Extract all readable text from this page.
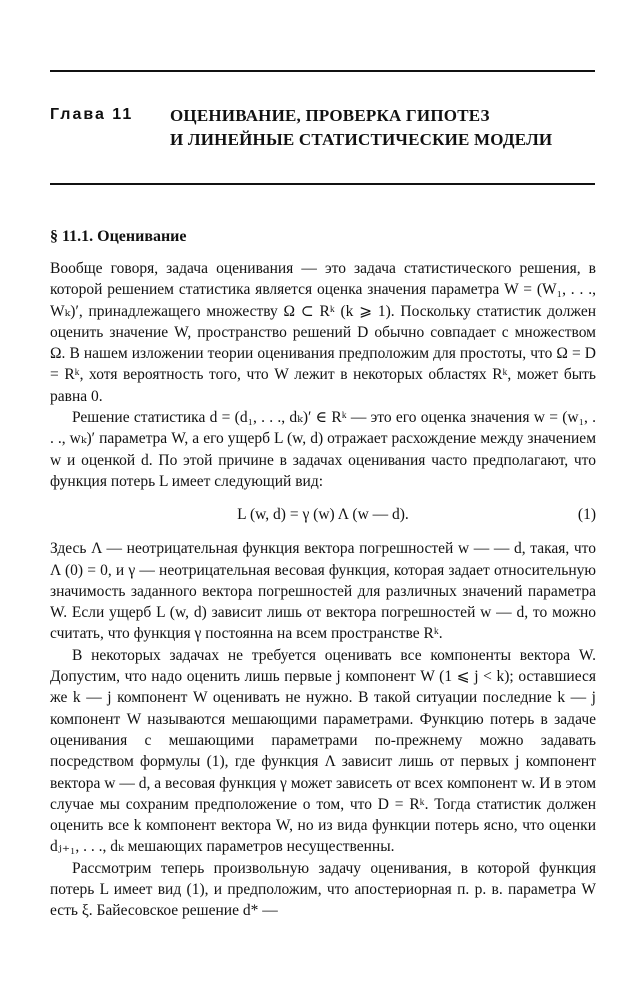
Глава 11 ОЦЕНИВАНИЕ, ПРОВЕРКА ГИПОТЕЗ
И ЛИНЕЙНЫЕ СТАТИСТИЧЕСКИЕ МОДЕЛИ
§ 11.1. Оценивание

Вообще говоря, задача оценивания — это задача статистического решения, в которой решением статистика является оценка значения параметра W = (W₁, . . ., Wₖ)′, принадлежащего множеству Ω ⊂ Rᵏ (k ⩾ 1). Поскольку статистик должен оценить значение W, пространство решений D обычно совпадает с множеством Ω. В нашем изложении теории оценивания предположим для простоты, что Ω = D = Rᵏ, хотя вероятность того, что W лежит в некоторых областях Rᵏ, может быть равна 0.

Решение статистика d = (d₁, . . ., dₖ)′ ∈ Rᵏ — это его оценка значения w = (w₁, . . ., wₖ)′ параметра W, а его ущерб L (w, d) отражает расхождение между значением w и оценкой d. По этой причине в задачах оценивания часто предполагают, что функция потерь L имеет следующий вид:

L (w, d) = γ (w) Λ (w — d).	(1)

Здесь Λ — неотрицательная функция вектора погрешностей w — — d, такая, что Λ (0) = 0, и γ — неотрицательная весовая функция, которая задает относительную значимость заданного вектора погрешностей для различных значений параметра W. Если ущерб L (w, d) зависит лишь от вектора погрешностей w — d, то можно считать, что функция γ постоянна на всем пространстве Rᵏ.

В некоторых задачах не требуется оценивать все компоненты вектора W. Допустим, что надо оценить лишь первые j компонент W (1 ⩽ j < k); оставшиеся же k — j компонент W оценивать не нужно. В такой ситуации последние k — j компонент W называются мешающими параметрами. Функцию потерь в задаче оценивания с мешающими параметрами по-прежнему можно задавать посредством формулы (1), где функция Λ зависит лишь от первых j компонент вектора w — d, а весовая функция γ может зависеть от всех компонент w. И в этом случае мы сохраним предположение о том, что D = Rᵏ. Тогда статистик должен оценить все k компонент вектора W, но из вида функции потерь ясно, что оценки dⱼ₊₁, . . ., dₖ мешающих параметров несущественны.

Рассмотрим теперь произвольную задачу оценивания, в которой функция потерь L имеет вид (1), и предположим, что апостериорная п. р. в. параметра W есть ξ. Байесовское решение d* —
